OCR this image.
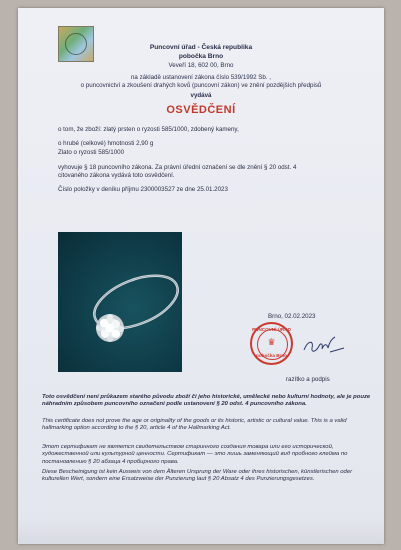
Puncovní úřad - Česká republika
pobočka Brno
Veveří 18, 602 00, Brno
na základě ustanovení zákona číslo 539/1992 Sb. ,
o puncovnictví a zkoušení drahých kovů (puncovní zákon) ve znění pozdějších předpisů
vydává
OSVĚDČENÍ
o tom, že zboží: zlatý prsten o ryzosti 585/1000, zdobený kameny,
o hrubé (celkové) hmotnosti 2,90 g
Zlato o ryzosti 585/1000
vyhovuje § 18 puncovního zákona. Za právní úřední označení se dle znění § 20 odst. 4
citovaného zákona vydává toto osvědčení.
Číslo položky v deníku příjmu 2300003527 ze dne 25.01.2023
Brno, 02.02.2023
PUNCOVNÍ ÚŘAD
♛
pobočka Brno
razítko a podpis
Toto osvědčení není průkazem starého původu zboží či jeho historické, umělecké nebo kulturní hodnoty, ale je pouze náhradním způsobem puncovního označení podle ustanovení § 20 odst. 4 puncovního zákona.
This certificate does not prove the age or originality of the goods or its historic, artistic or cultural value. This is a valid hallmarking option according to the § 20, article 4 of the Hallmarking Act.
Этот сертификат не является свидетельством старинного создания товара или его исторической, художественной или культурной ценности. Сертификат — это лишь заменяющий вид пробного клейма по постановлению § 20 абзаца 4 пробирного права.
Diese Bescheinigung ist kein Ausweis von dem Älteren Ursprung der Ware oder ihres historischen, künstlerischen oder kulturellen Wert, sondern eine Ersatzweise der Punzierung laut § 20 Absatz 4 des Punzierungsgesetzes.
